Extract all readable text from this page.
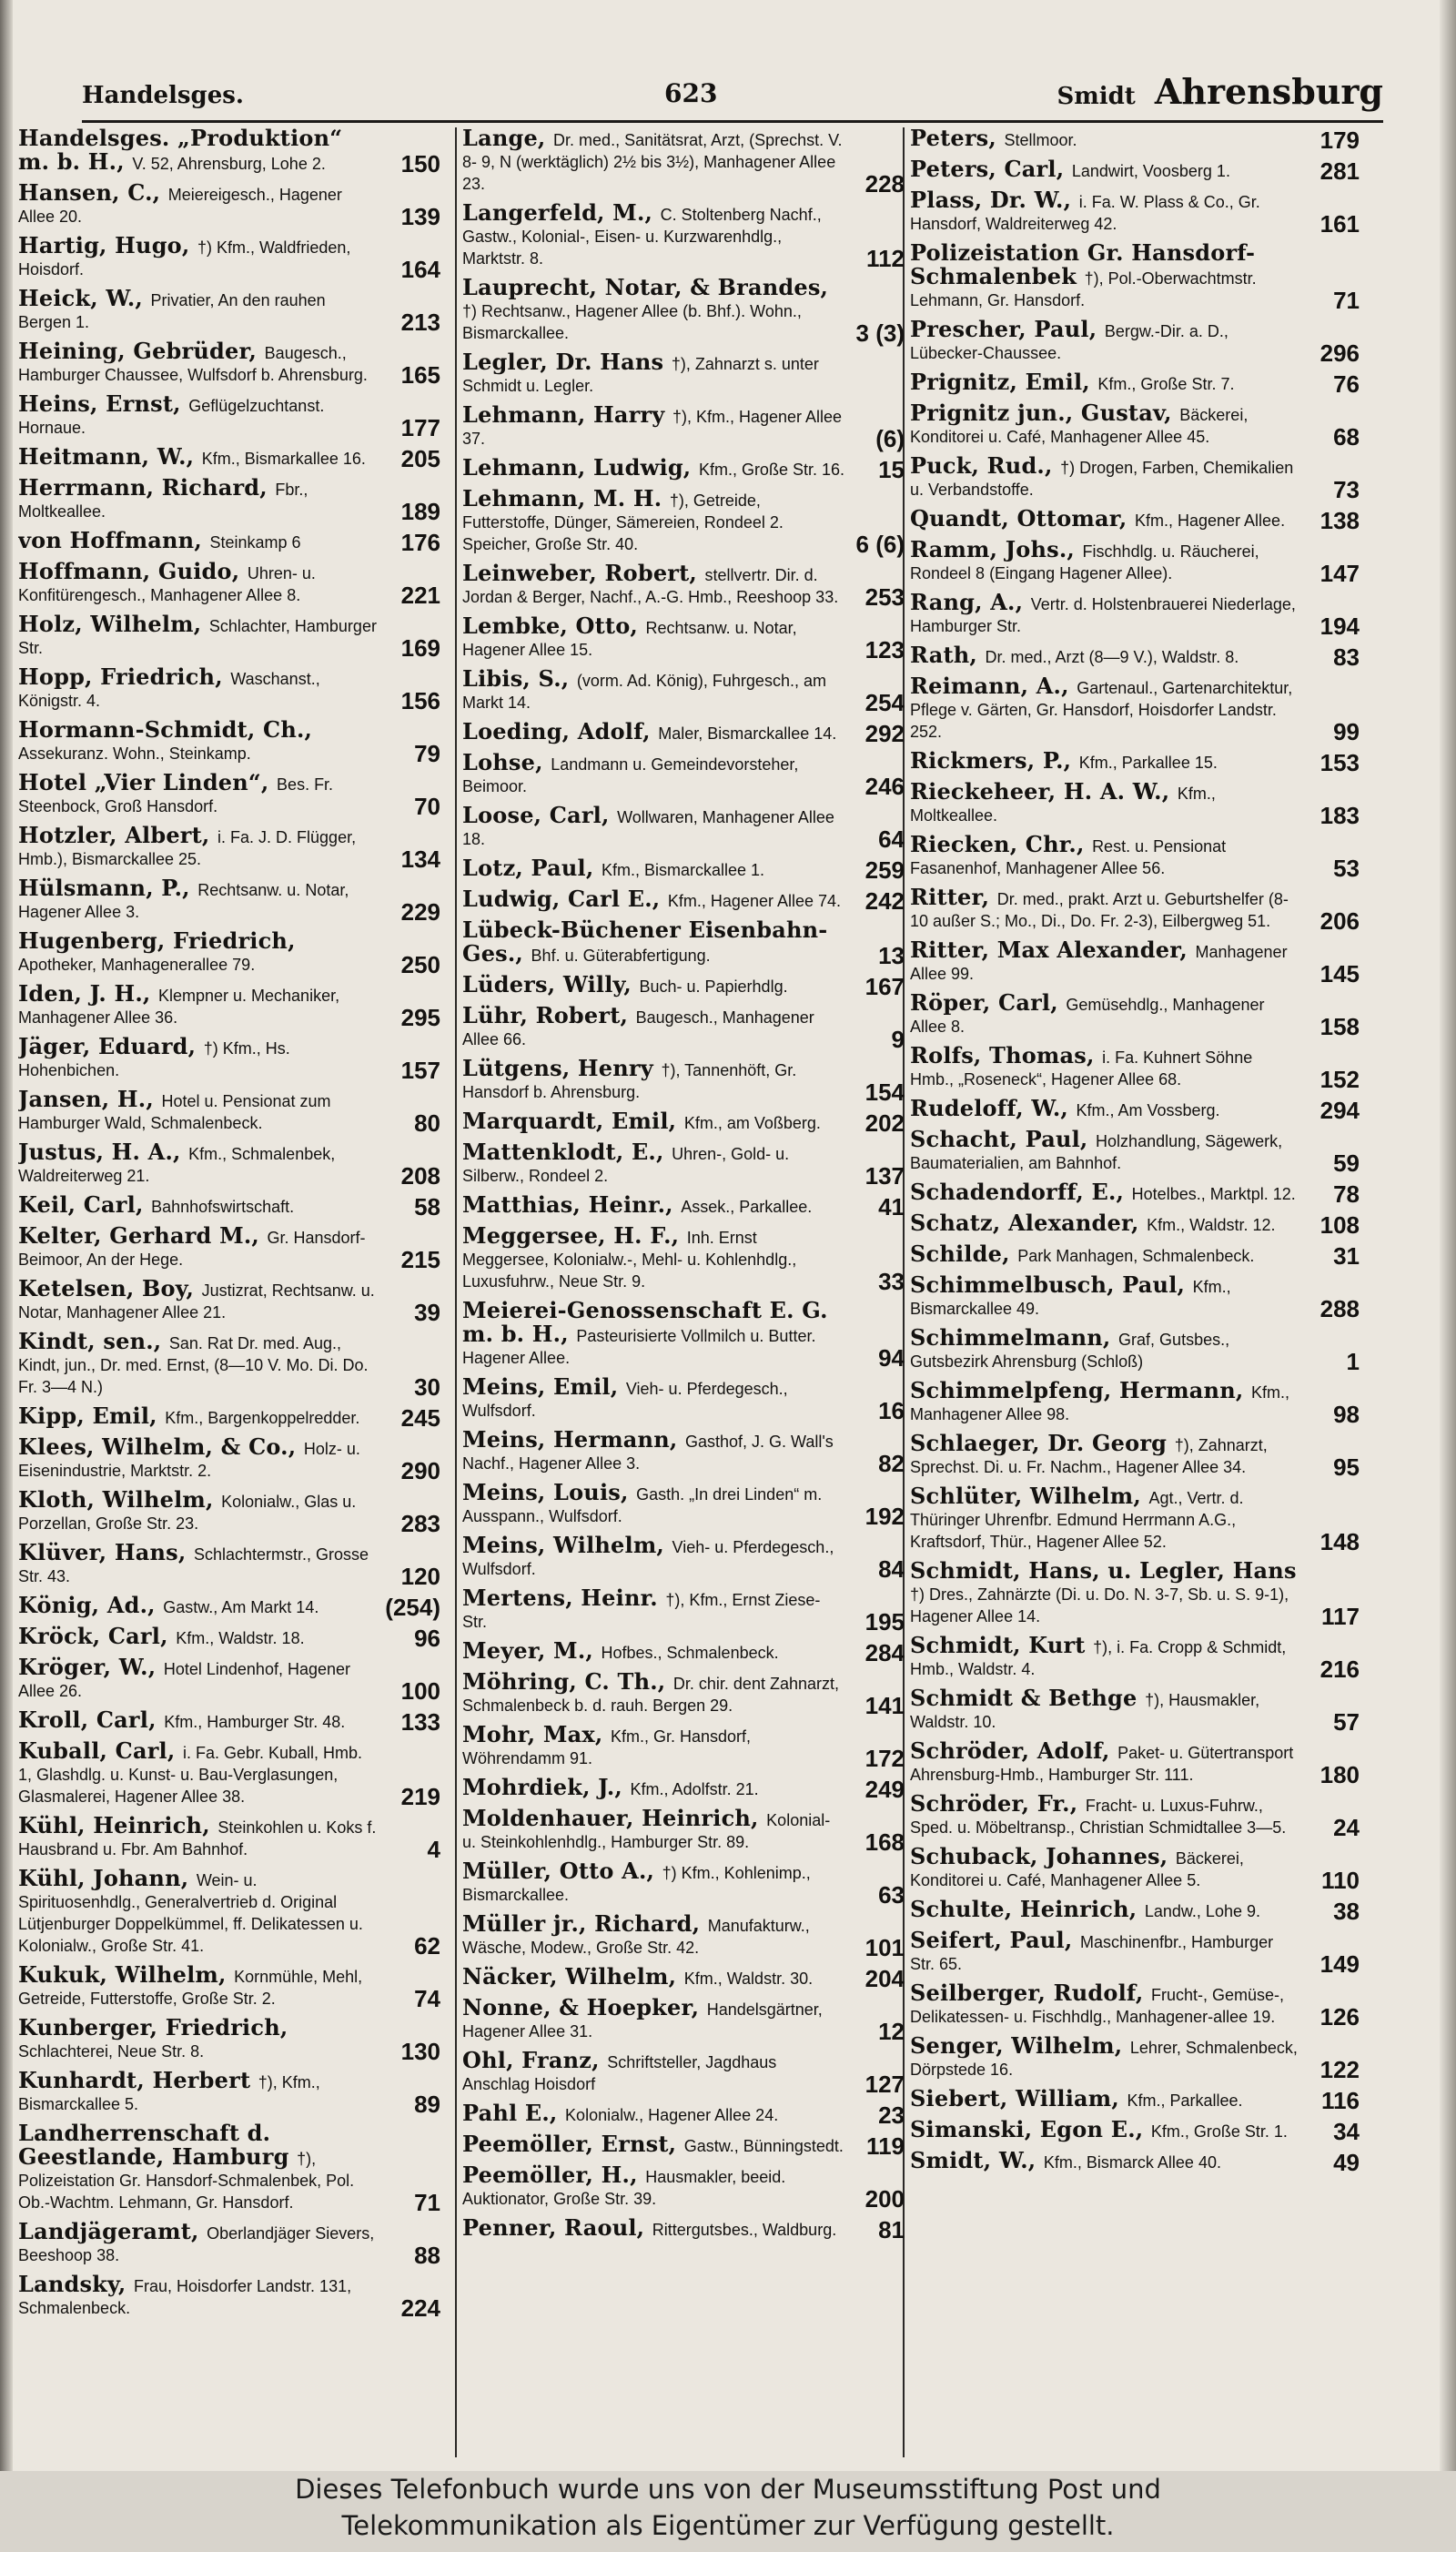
Handelsges.	623	Smidt Ahrensburg
Handelsges. „Produktion“ m. b. H., V. 52, Ahrensburg, Lohe 2.	150
Hansen, C., Meiereigesch., Hagener Allee 20.	139
Hartig, Hugo, †) Kfm., Waldfrieden, Hoisdorf.	164
Heick, W., Privatier, An den rauhen Bergen 1.	213
Heining, Gebrüder, Baugesch., Hamburger Chaussee, Wulfsdorf b. Ahrensburg. 165
Heins, Ernst, Geflügelzuchtanst. Hornaue.	177
Heitmann, W., Kfm., Bismarkallee 16. 205
Herrmann, Richard, Fbr., Moltkeallee.	189
von Hoffmann, Steinkamp 6	176
Hoffmann, Guido, Uhren- u. Konfitürengesch., Manhagener Allee 8.	221
Holz, Wilhelm, Schlachter, Hamburger Str.	169
Hopp, Friedrich, Waschanst., Königstr. 4.	156
Hormann-Schmidt, Ch., Assekuranz. Wohn., Steinkamp.	79
Hotel „Vier Linden“, Bes. Fr. Steenbock, Groß Hansdorf.	70
Hotzler, Albert, i. Fa. J. D. Flügger, Hmb.), Bismarckallee 25.	134
Hülsmann, P., Rechtsanw. u. Notar, Hagener Allee 3.	229
Hugenberg, Friedrich, Apotheker, Manhagenerallee 79.	250
Iden, J. H., Klempner u. Mechaniker, Manhagener Allee 36.	295
Jäger, Eduard, †) Kfm., Hs. Hohenbichen.	157
Jansen, H., Hotel u. Pensionat zum Hamburger Wald, Schmalenbeck.	80
Justus, H. A., Kfm., Schmalenbek, Waldreiterweg 21.	208
Keil, Carl, Bahnhofswirtschaft.	58
Kelter, Gerhard M., Gr. Hansdorf-Beimoor, An der Hege.	215
Ketelsen, Boy, Justizrat, Rechtsanw. u. Notar, Manhagener Allee 21.	39
Kindt, sen., San. Rat Dr. med. Aug., Kindt, jun., Dr. med. Ernst, (8—10 V. Mo. Di. Do. Fr. 3—4 N.)	30
Kipp, Emil, Kfm., Bargenkoppelredder. 245
Klees, Wilhelm, & Co., Holz- u. Eisenindustrie, Marktstr. 2.	290
Kloth, Wilhelm, Kolonialw., Glas u. Porzellan, Große Str. 23.	283
Klüver, Hans, Schlachtermstr., Grosse Str. 43.	120
König, Ad., Gastw., Am Markt 14.	(254)
Kröck, Carl, Kfm., Waldstr. 18.	96
Kröger, W., Hotel Lindenhof, Hagener Allee 26.	100
Kroll, Carl, Kfm., Hamburger Str. 48. 133
Kuball, Carl, i. Fa. Gebr. Kuball, Hmb. 1, Glashdlg. u. Kunst- u. Bau-Verglasungen, Glasmalerei, Hagener Allee 38.	219
Kühl, Heinrich, Steinkohlen u. Koks f. Hausbrand u. Fbr. Am Bahnhof.	4
Kühl, Johann, Wein- u. Spirituosenhdlg., Generalvertrieb d. Original Lütjenburger Doppelkümmel, ff. Delikatessen u. Kolonialw., Große Str. 41.	62
Kukuk, Wilhelm, Kornmühle, Mehl, Getreide, Futterstoffe, Große Str. 2.	74
Kunberger, Friedrich, Schlachterei, Neue Str. 8.	130
Kunhardt, Herbert †), Kfm., Bismarckallee 5.	89
Landherrenschaft d. Geestlande, Hamburg †), Polizeistation Gr. Hansdorf-Schmalenbek, Pol. Ob.-Wachtm. Lehmann, Gr. Hansdorf.	71
Landjägeramt, Oberlandjäger Sievers, Beeshoop 38.	88
Landsky, Frau, Hoisdorfer Landstr. 131, Schmalenbeck.	224
Lange, Dr. med., Sanitätsrat, Arzt, (Sprechst. V. 8- 9, N (werktäglich) 2½ bis 3½), Manhagener Allee 23.	228
Langerfeld, M., C. Stoltenberg Nachf., Gastw., Kolonial-, Eisen- u. Kurzwarenhdlg., Marktstr. 8.	112
Lauprecht, Notar, & Brandes, †) Rechtsanw., Hagener Allee (b. Bhf.). Wohn., Bismarckallee.	3 (3)
Legler, Dr. Hans †), Zahnarzt s. unter Schmidt u. Legler.
Lehmann, Harry †), Kfm., Hagener Allee 37.	(6)
Lehmann, Ludwig, Kfm., Große Str. 16. 15
Lehmann, M. H. †), Getreide, Futterstoffe, Dünger, Sämereien, Rondeel 2. Speicher, Große Str. 40.	6 (6)
Leinweber, Robert, stellvertr. Dir. d. Jordan & Berger, Nachf., A.-G. Hmb., Reeshoop 33. 253
Lembke, Otto, Rechtsanw. u. Notar, Hagener Allee 15.	123
Libis, S., (vorm. Ad. König), Fuhrgesch., am Markt 14.	254
Loeding, Adolf, Maler, Bismarckallee 14. 292
Lohse, Landmann u. Gemeindevorsteher, Beimoor.	246
Loose, Carl, Wollwaren, Manhagener Allee 18.	64
Lotz, Paul, Kfm., Bismarckallee 1.	259
Ludwig, Carl E., Kfm., Hagener Allee 74. 242
Lübeck-Büchener Eisenbahn-Ges., Bhf. u. Güterabfertigung.	13
Lüders, Willy, Buch- u. Papierhdlg.	167
Lühr, Robert, Baugesch., Manhagener Allee 66.	9
Lütgens, Henry †), Tannenhöft, Gr. Hansdorf b. Ahrensburg.	154
Marquardt, Emil, Kfm., am Voßberg. 202
Mattenklodt, E., Uhren-, Gold- u. Silberw., Rondeel 2.	137
Matthias, Heinr., Assek., Parkallee.	41
Meggersee, H. F., Inh. Ernst Meggersee, Kolonialw.-, Mehl- u. Kohlenhdlg., Luxusfuhrw., Neue Str. 9.	33
Meierei-Genossenschaft E. G. m. b. H., Pasteurisierte Vollmilch u. Butter. Hagener Allee.	94
Meins, Emil, Vieh- u. Pferdegesch., Wulfsdorf.	16
Meins, Hermann, Gasthof, J. G. Wall's Nachf., Hagener Allee 3.	82
Meins, Louis, Gasth. „In drei Linden“ m. Ausspann., Wulfsdorf.	192
Meins, Wilhelm, Vieh- u. Pferdegesch., Wulfsdorf.	84
Mertens, Heinr. †), Kfm., Ernst Ziese-Str.	195
Meyer, M., Hofbes., Schmalenbeck.	284
Möhring, C. Th., Dr. chir. dent Zahnarzt, Schmalenbeck b. d. rauh. Bergen 29.	141
Mohr, Max, Kfm., Gr. Hansdorf, Wöhrendamm 91.	172
Mohrdiek, J., Kfm., Adolfstr. 21.	249
Moldenhauer, Heinrich, Kolonial- u. Steinkohlenhdlg., Hamburger Str. 89.	168
Müller, Otto A., †) Kfm., Kohlenimp., Bismarckallee.	63
Müller jr., Richard, Manufakturw., Wäsche, Modew., Große Str. 42.	101
Näcker, Wilhelm, Kfm., Waldstr. 30. 204
Nonne, & Hoepker, Handelsgärtner, Hagener Allee 31.	12
Ohl, Franz, Schriftsteller, Jagdhaus Anschlag Hoisdorf	127
Pahl E., Kolonialw., Hagener Allee 24.	23
Peemöller, Ernst, Gastw., Bünningstedt. 119
Peemöller, H., Hausmakler, beeid. Auktionator, Große Str. 39.	200
Penner, Raoul, Rittergutsbes., Waldburg. 81
Peters, Stellmoor.	179
Peters, Carl, Landwirt, Voosberg 1.	281
Plass, Dr. W., i. Fa. W. Plass & Co., Gr. Hansdorf, Waldreiterweg 42.	161
Polizeistation Gr. Hansdorf-Schmalenbek †), Pol.-Oberwachtmstr. Lehmann, Gr. Hansdorf.	71
Prescher, Paul, Bergw.-Dir. a. D., Lübecker-Chaussee.	296
Prignitz, Emil, Kfm., Große Str. 7.	76
Prignitz jun., Gustav, Bäckerei, Konditorei u. Café, Manhagener Allee 45.	68
Puck, Rud., †) Drogen, Farben, Chemikalien u. Verbandstoffe.	73
Quandt, Ottomar, Kfm., Hagener Allee. 138
Ramm, Johs., Fischhdlg. u. Räucherei, Rondeel 8 (Eingang Hagener Allee).	147
Rang, A., Vertr. d. Holstenbrauerei Niederlage, Hamburger Str.	194
Rath, Dr. med., Arzt (8—9 V.), Waldstr. 8.	83
Reimann, A., Gartenaul., Gartenarchitektur, Pflege v. Gärten, Gr. Hansdorf, Hoisdorfer Landstr. 252.	99
Rickmers, P., Kfm., Parkallee 15.	153
Rieckeheer, H. A. W., Kfm., Moltkeallee.	183
Riecken, Chr., Rest. u. Pensionat Fasanenhof, Manhagener Allee 56.	53
Ritter, Dr. med., prakt. Arzt u. Geburtshelfer (8-10 außer S.; Mo., Di., Do. Fr. 2-3), Eilbergweg 51. 206
Ritter, Max Alexander, Manhagener Allee 99.	145
Röper, Carl, Gemüsehdlg., Manhagener Allee 8.	158
Rolfs, Thomas, i. Fa. Kuhnert Söhne Hmb., „Roseneck“, Hagener Allee 68.	152
Rudeloff, W., Kfm., Am Vossberg.	294
Schacht, Paul, Holzhandlung, Sägewerk, Baumaterialien, am Bahnhof.	59
Schadendorff, E., Hotelbes., Marktpl. 12. 78
Schatz, Alexander, Kfm., Waldstr. 12. 108
Schilde, Park Manhagen, Schmalenbeck.	31
Schimmelbusch, Paul, Kfm., Bismarckallee 49.	288
Schimmelmann, Graf, Gutsbes., Gutsbezirk Ahrensburg (Schloß)	1
Schimmelpfeng, Hermann, Kfm., Manhagener Allee 98.	98
Schlaeger, Dr. Georg †), Zahnarzt, Sprechst. Di. u. Fr. Nachm., Hagener Allee 34.	95
Schlüter, Wilhelm, Agt., Vertr. d. Thüringer Uhrenfbr. Edmund Herrmann A.G., Kraftsdorf, Thür., Hagener Allee 52.	148
Schmidt, Hans, u. Legler, Hans †) Dres., Zahnärzte (Di. u. Do. N. 3-7, Sb. u. S. 9-1), Hagener Allee 14.	117
Schmidt, Kurt †), i. Fa. Cropp & Schmidt, Hmb., Waldstr. 4.	216
Schmidt & Bethge †), Hausmakler, Waldstr. 10.	57
Schröder, Adolf, Paket- u. Gütertransport Ahrensburg-Hmb., Hamburger Str. 111.	180
Schröder, Fr., Fracht- u. Luxus-Fuhrw., Sped. u. Möbeltransp., Christian Schmidtallee 3—5. 24
Schuback, Johannes, Bäckerei, Konditorei u. Café, Manhagener Allee 5.	110
Schulte, Heinrich, Landw., Lohe 9.	38
Seifert, Paul, Maschinenfbr., Hamburger Str. 65.	149
Seilberger, Rudolf, Frucht-, Gemüse-, Delikatessen- u. Fischhdlg., Manhagener-allee 19. 126
Senger, Wilhelm, Lehrer, Schmalenbeck, Dörpstede 16.	122
Siebert, William, Kfm., Parkallee.	116
Simanski, Egon E., Kfm., Große Str. 1. 34
Smidt, W., Kfm., Bismarck Allee 40.	49
Dieses Telefonbuch wurde uns von der Museumsstiftung Post und
Telekommunikation als Eigentümer zur Verfügung gestellt.
